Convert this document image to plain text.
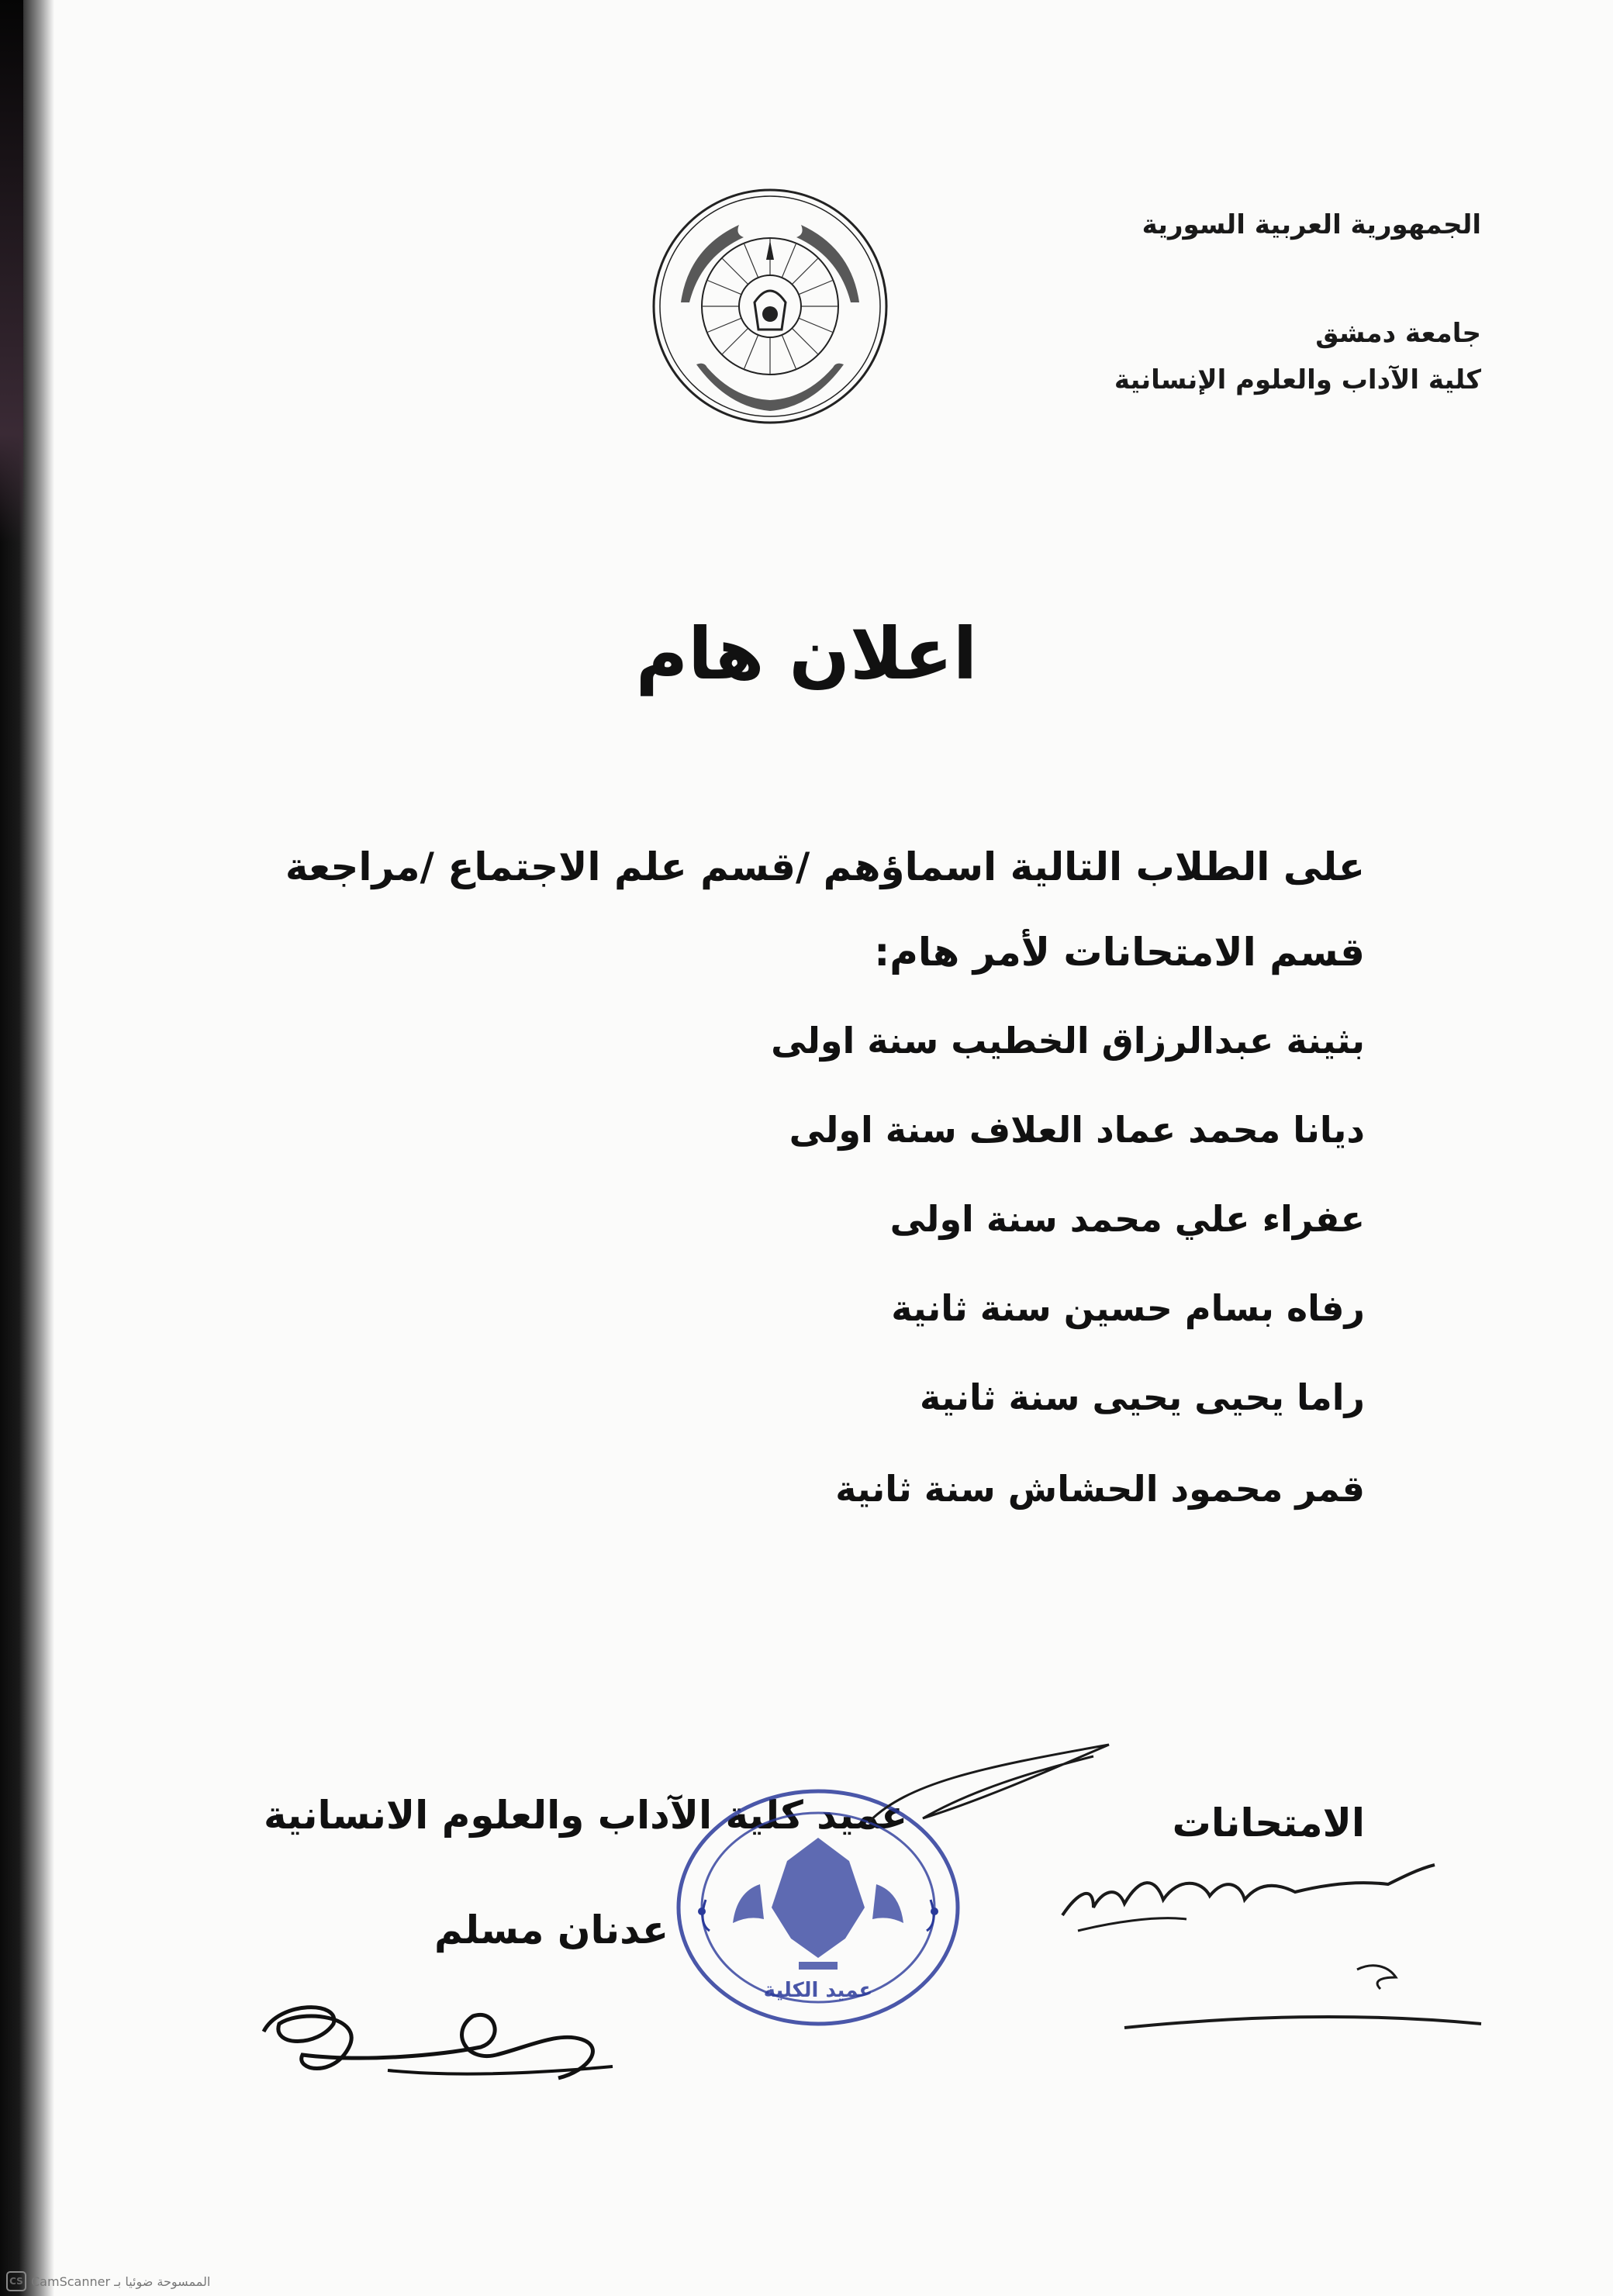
الجمهورية العربية السورية
جامعة دمشق
كلية الآداب والعلوم الإنسانية
اعلان هام
على الطلاب التالية اسماؤهم /قسم علم الاجتماع /مراجعة
قسم الامتحانات لأمر هام:
بثينة عبدالرزاق الخطيب سنة اولى
ديانا محمد عماد العلاف سنة اولى
عفراء علي محمد سنة اولى
رفاه بسام حسين سنة ثانية
راما يحيى يحيى سنة ثانية
قمر محمود الحشاش سنة ثانية
الامتحانات
عميد كلية الآداب والعلوم الانسانية
عدنان مسلم
عميد الكلية
CS CamScanner الممسوحة ضوئيا بـ
